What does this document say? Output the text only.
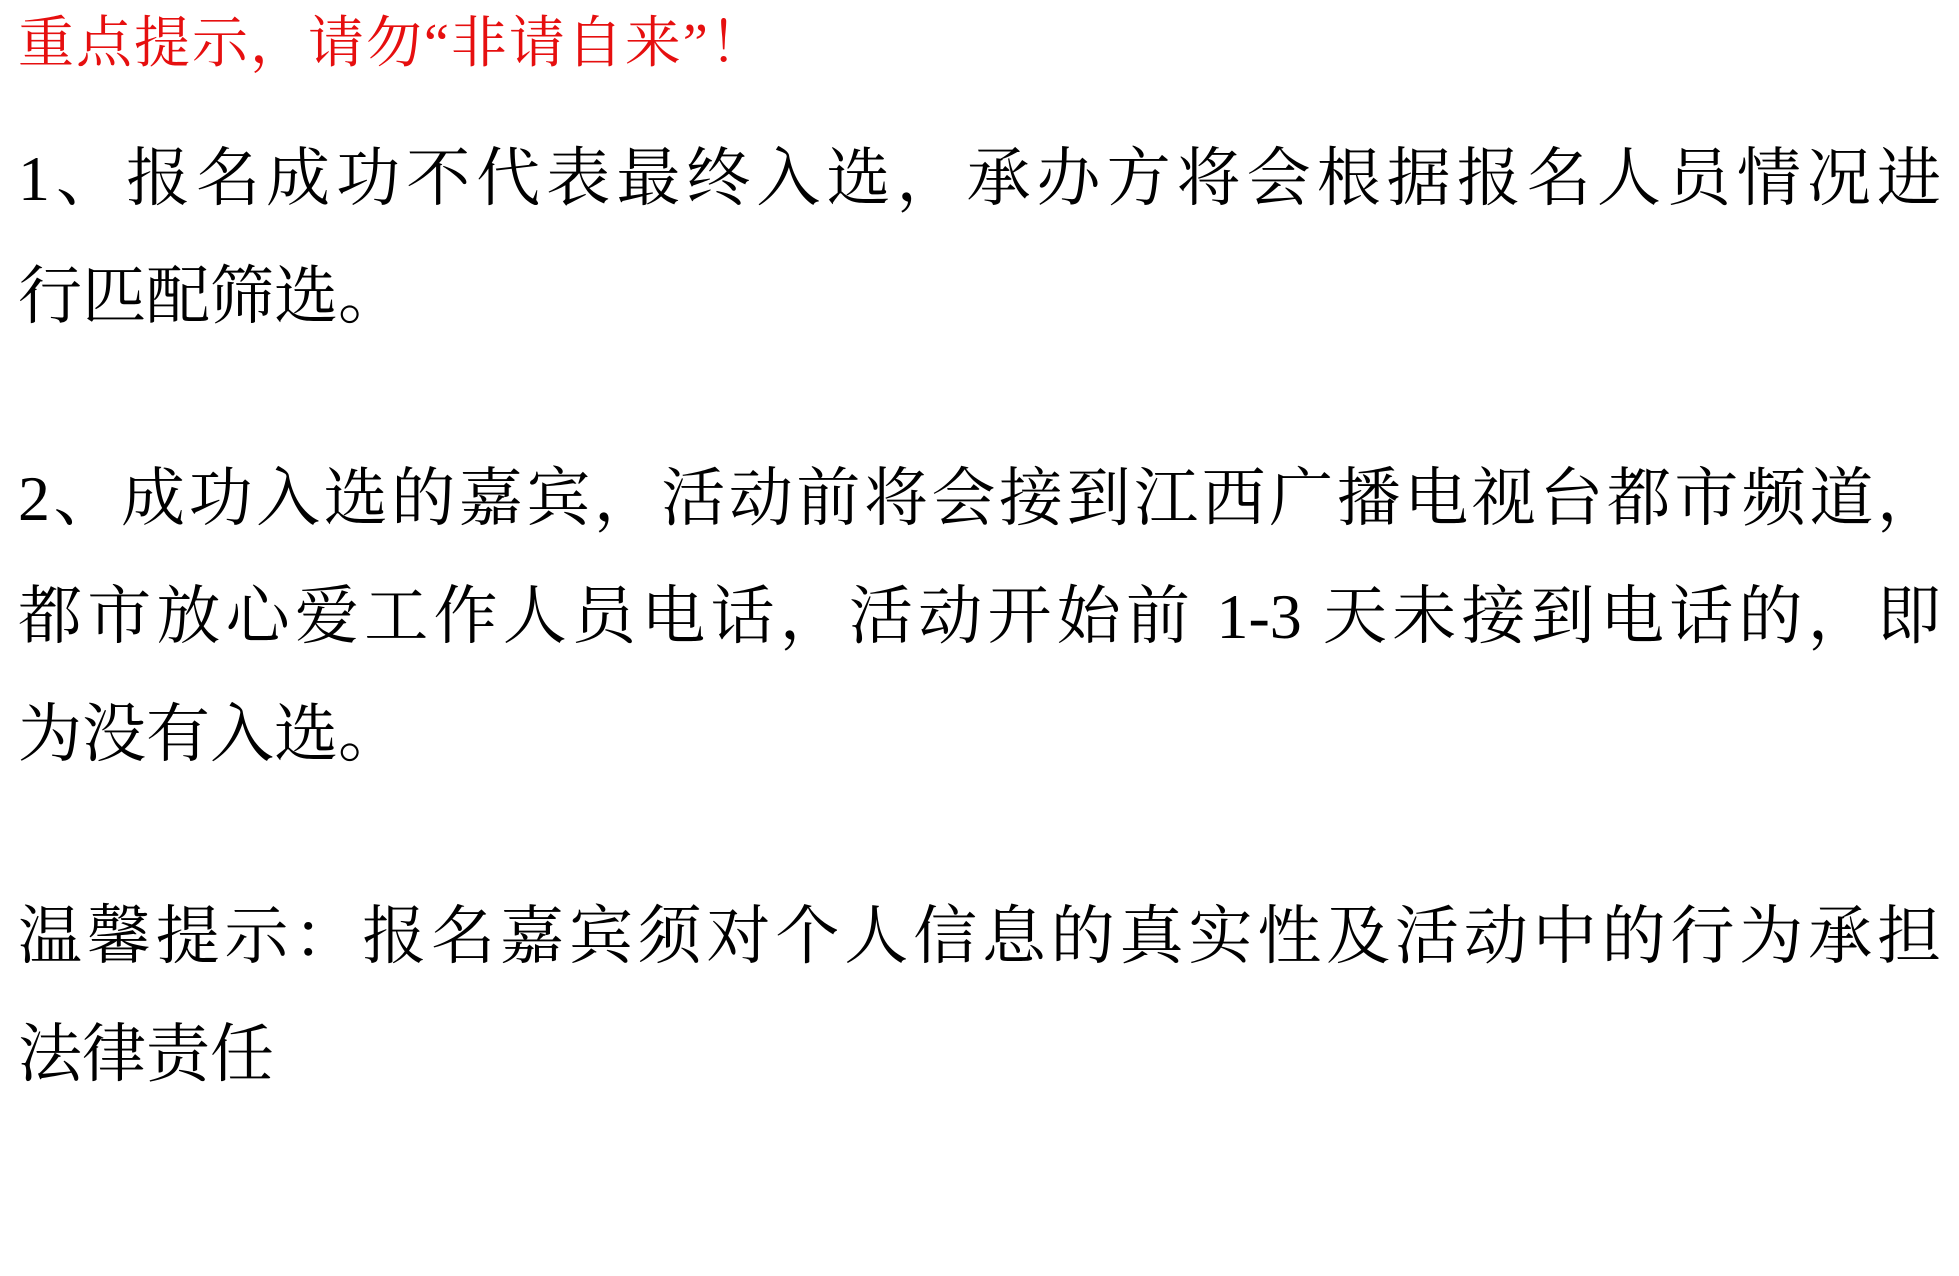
重点提示，请勿“非请自来”！

1、报名成功不代表最终入选，承办方将会根据报名人员情况进
行匹配筛选。

2、成功入选的嘉宾，活动前将会接到江西广播电视台都市频道，
都市放心爱工作人员电话，活动开始前 1-3 天未接到电话的，即
为没有入选。

温馨提示：报名嘉宾须对个人信息的真实性及活动中的行为承担
法律责任
